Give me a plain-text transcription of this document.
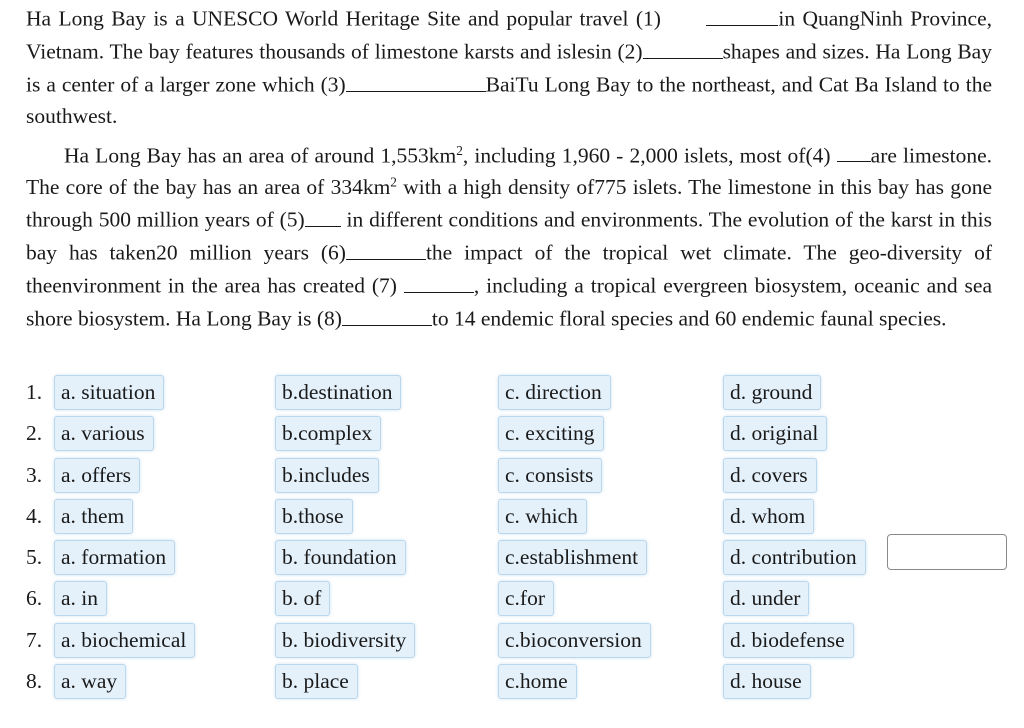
Ha Long Bay is a UNESCO World Heritage Site and popular travel (1)	in QuangNinh Province, Vietnam. The bay features thousands of limestone karsts and islesin (2)	shapes and sizes. Ha Long Bay is a center of a larger zone which (3)	BaiTu Long Bay to the northeast, and Cat Ba Island to the southwest.

Ha Long Bay has an area of around $1,553km^2$, including 1,960 - 2,000 islets, most of(4) are limestone. The core of the bay has an area of $334km^2$ with a high density of775 islets. The limestone in this bay has gone through 500 million years of (5) in different conditions and environments. The evolution of the karst in this bay has taken20 million years (6)	the impact of the tropical wet climate. The geo-diversity of theenvironment in the area has created (7)	, including a tropical evergreen biosystem, oceanic and sea shore biosystem. Ha Long Bay is (8)	to 14 endemic floral species and 60 endemic faunal species.

1. a. situation	b.destination	c. direction	d. ground
2. a. various	b.complex	c. exciting	d. original
3. a. offers	b.includes	c. consists	d. covers
4. a. them	b.those	c. which	d. whom
5. a. formation	b. foundation	c.establishment	d. contribution
6. a. in	b. of	c.for	d. under
7. a. biochemical	b. biodiversity	c.bioconversion	d. biodefense
8. a. way	b. place	c.home	d. house
